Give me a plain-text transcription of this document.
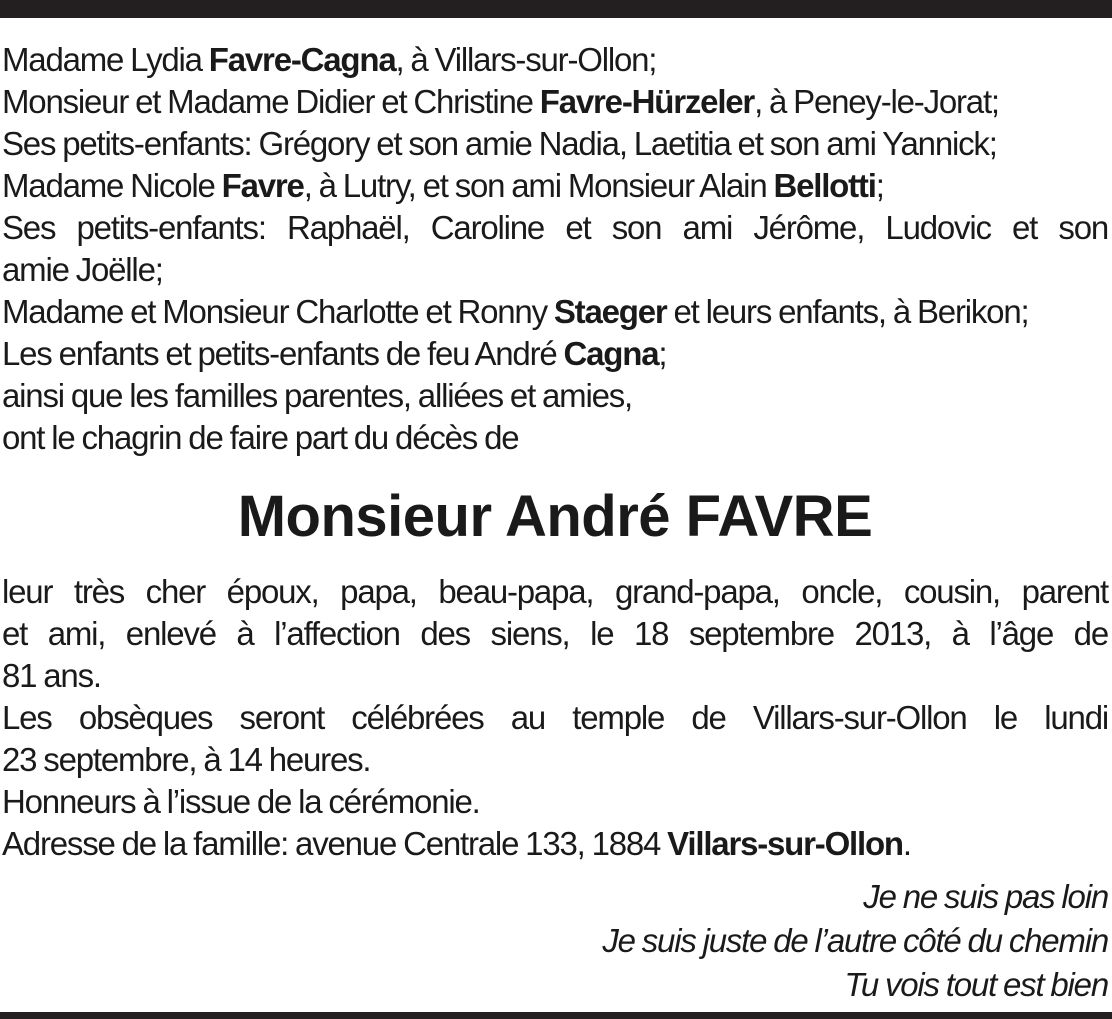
Madame Lydia Favre-Cagna, à Villars-sur-Ollon;

Monsieur et Madame Didier et Christine Favre-Hürzeler, à Peney-le-Jorat;

Ses petits-enfants: Grégory et son amie Nadia, Laetitia et son ami Yannick;

Madame Nicole Favre, à Lutry, et son ami Monsieur Alain Bellotti;

Ses petits-enfants: Raphaël, Caroline et son ami Jérôme, Ludovic et son

amie Joëlle;

Madame et Monsieur Charlotte et Ronny Staeger et leurs enfants, à Berikon;

Les enfants et petits-enfants de feu André Cagna;

ainsi que les familles parentes, alliées et amies,

ont le chagrin de faire part du décès de

Monsieur André FAVRE

leur très cher époux, papa, beau-papa, grand-papa, oncle, cousin, parent

et ami, enlevé à l’affection des siens, le 18 septembre 2013, à l’âge de

81 ans.

Les obsèques seront célébrées au temple de Villars-sur-Ollon le lundi

23 septembre, à 14 heures.

Honneurs à l’issue de la cérémonie.

Adresse de la famille: avenue Centrale 133, 1884 Villars-sur-Ollon.

Je ne suis pas loin

Je suis juste de l’autre côté du chemin

Tu vois tout est bien
